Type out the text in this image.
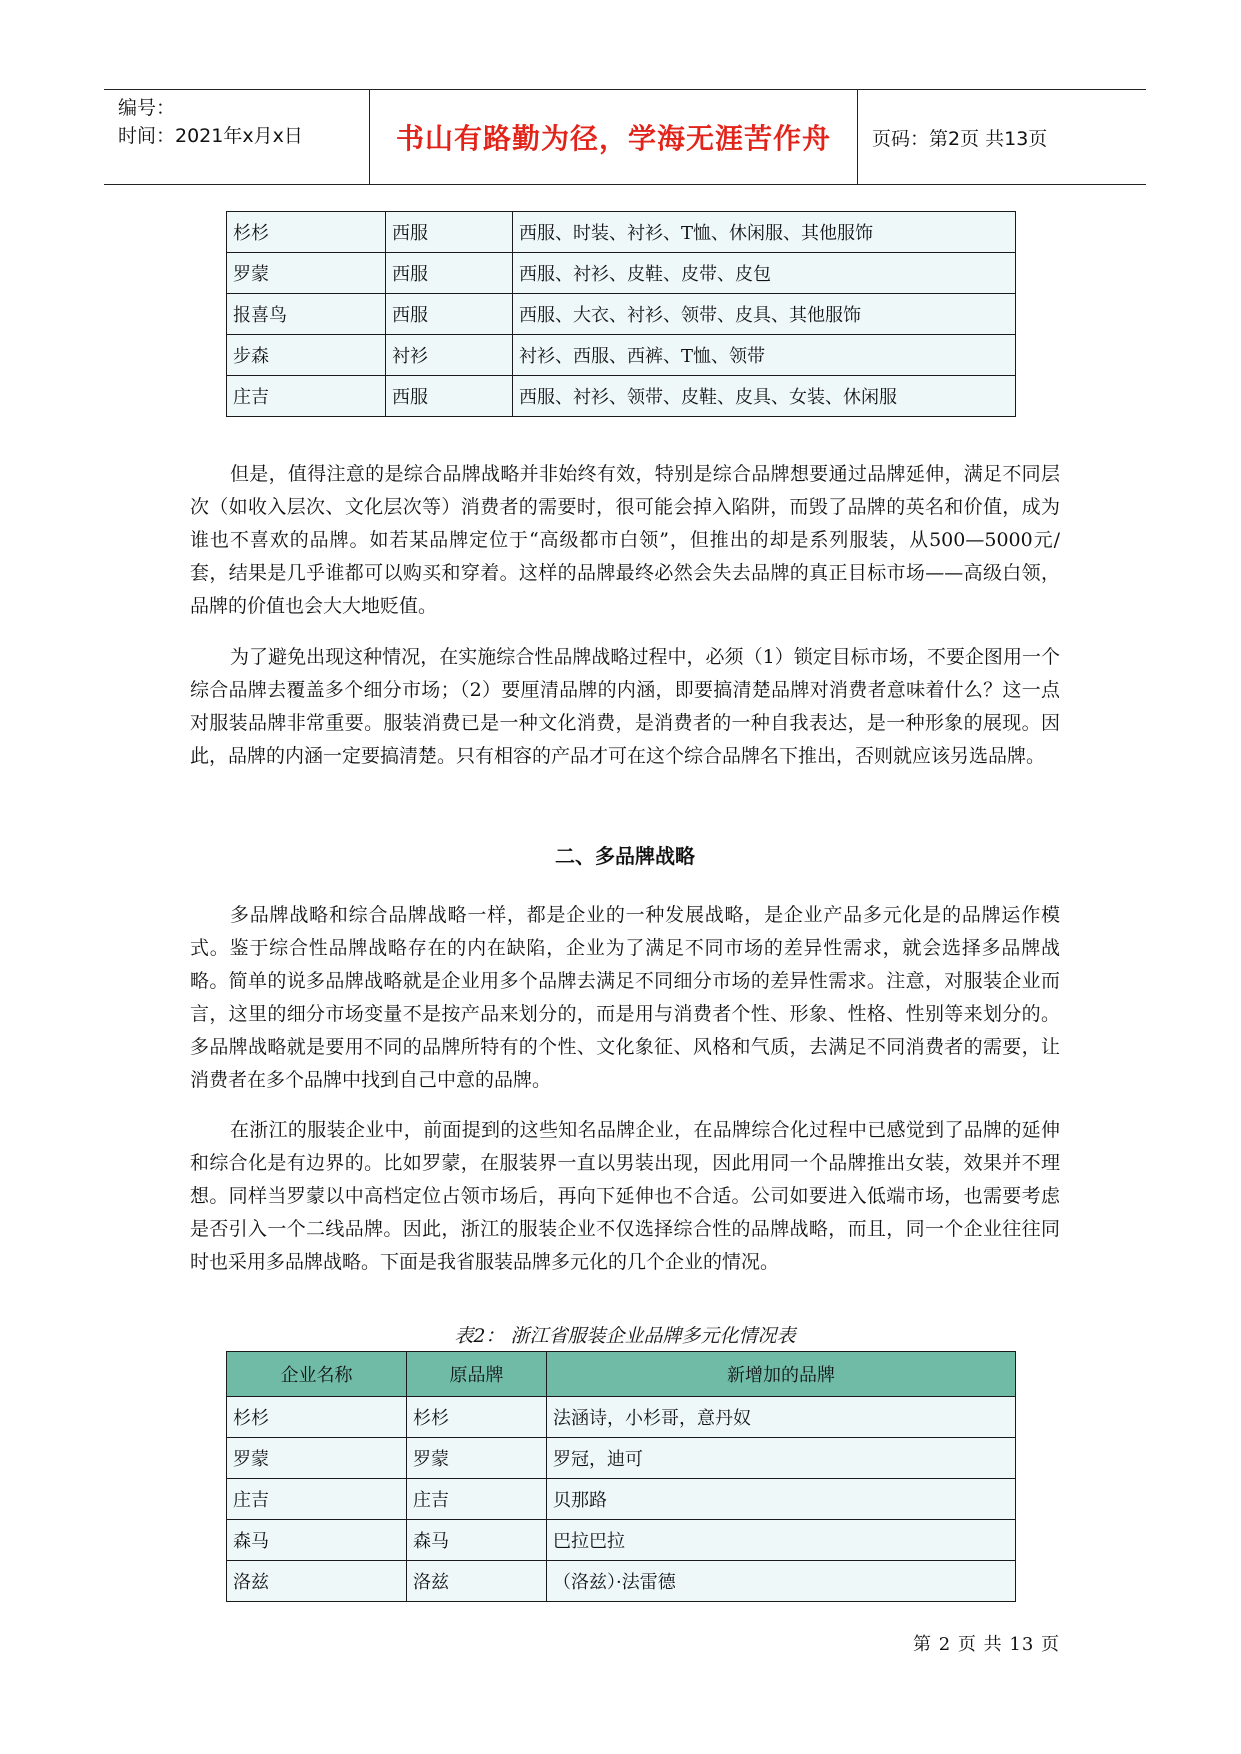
编号：
时间：2021年x月x日	书山有路勤为径，学海无涯苦作舟	页码：第2页 共13页
杉杉	西服	西服、时装、衬衫、T恤、休闲服、其他服饰
罗蒙	西服	西服、衬衫、皮鞋、皮带、皮包
报喜鸟	西服	西服、大衣、衬衫、领带、皮具、其他服饰
步森	衬衫	衬衫、西服、西裤、T恤、领带
庄吉	西服	西服、衬衫、领带、皮鞋、皮具、女装、休闲服

但是，值得注意的是综合品牌战略并非始终有效，特别是综合品牌想要通过品牌延伸，满足不同层次（如收入层次、文化层次等）消费者的需要时，很可能会掉入陷阱，而毁了品牌的英名和价值，成为谁也不喜欢的品牌。如若某品牌定位于“高级都市白领”，但推出的却是系列服装，从500—5000元/套，结果是几乎谁都可以购买和穿着。这样的品牌最终必然会失去品牌的真正目标市场——高级白领，品牌的价值也会大大地贬值。

为了避免出现这种情况，在实施综合性品牌战略过程中，必须（1）锁定目标市场，不要企图用一个综合品牌去覆盖多个细分市场；（2）要厘清品牌的内涵，即要搞清楚品牌对消费者意味着什么？这一点对服装品牌非常重要。服装消费已是一种文化消费，是消费者的一种自我表达，是一种形象的展现。因此，品牌的内涵一定要搞清楚。只有相容的产品才可在这个综合品牌名下推出，否则就应该另选品牌。

二、多品牌战略

多品牌战略和综合品牌战略一样，都是企业的一种发展战略，是企业产品多元化是的品牌运作模式。鉴于综合性品牌战略存在的内在缺陷，企业为了满足不同市场的差异性需求，就会选择多品牌战略。简单的说多品牌战略就是企业用多个品牌去满足不同细分市场的差异性需求。注意，对服装企业而言，这里的细分市场变量不是按产品来划分的，而是用与消费者个性、形象、性格、性别等来划分的。多品牌战略就是要用不同的品牌所特有的个性、文化象征、风格和气质，去满足不同消费者的需要，让消费者在多个品牌中找到自己中意的品牌。

在浙江的服装企业中，前面提到的这些知名品牌企业，在品牌综合化过程中已感觉到了品牌的延伸和综合化是有边界的。比如罗蒙，在服装界一直以男装出现，因此用同一个品牌推出女装，效果并不理想。同样当罗蒙以中高档定位占领市场后，再向下延伸也不合适。公司如要进入低端市场，也需要考虑是否引入一个二线品牌。因此，浙江的服装企业不仅选择综合性的品牌战略，而且，同一个企业往往同时也采用多品牌战略。下面是我省服装品牌多元化的几个企业的情况。

表2： 浙江省服装企业品牌多元化情况表
企业名称	原品牌	新增加的品牌
杉杉	杉杉	法涵诗，小杉哥，意丹奴
罗蒙	罗蒙	罗冠，迪可
庄吉	庄吉	贝那路
森马	森马	巴拉巴拉
洛兹	洛兹	（洛兹）·法雷德
第 2 页 共 13 页
